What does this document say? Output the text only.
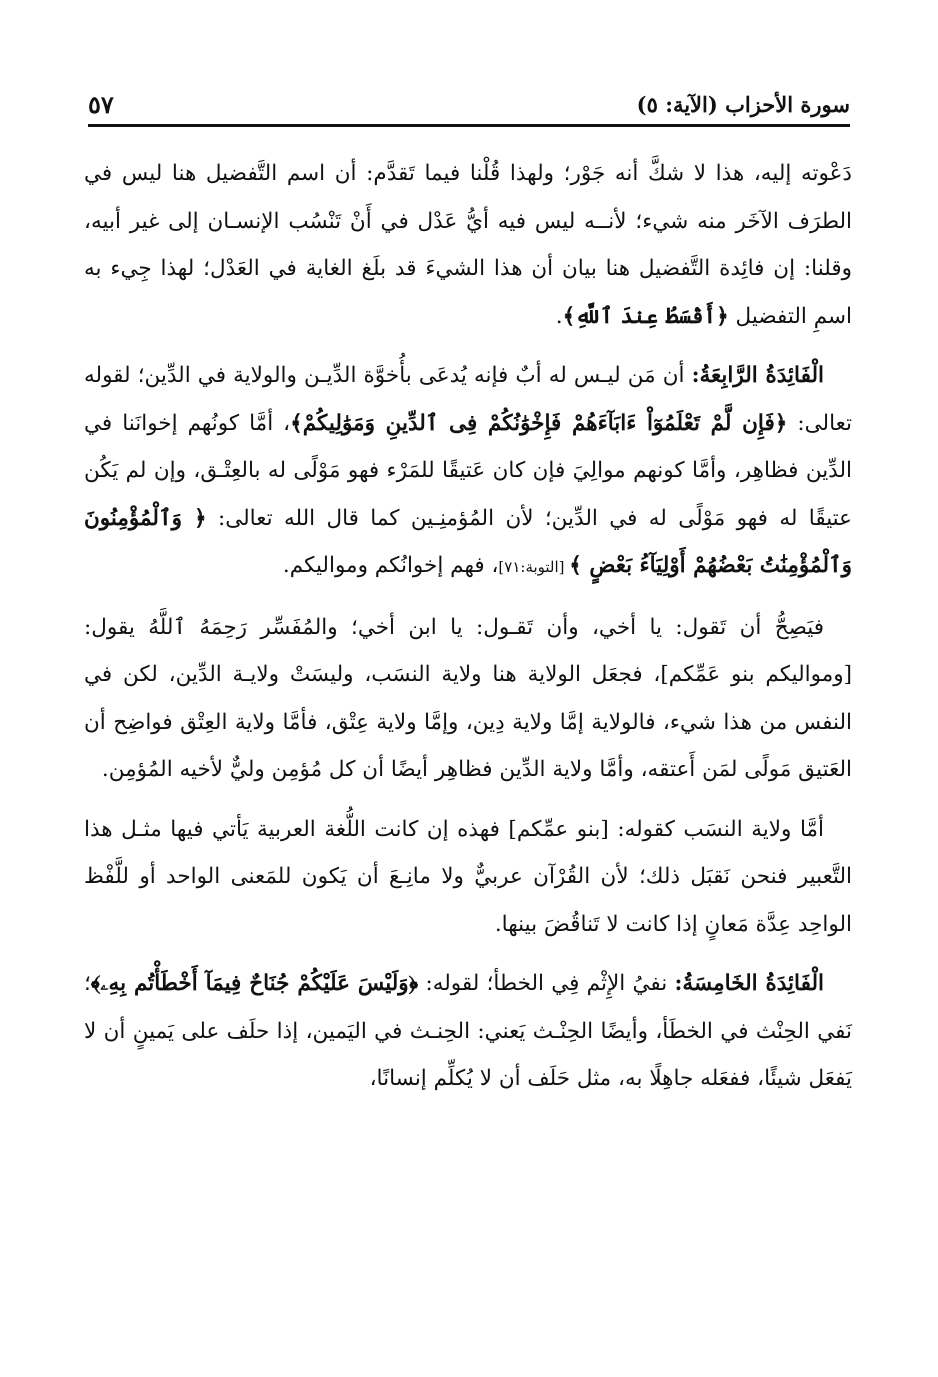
سورة الأحزاب (الآية: ٥)
٥٧

دَعْوته إليه، هذا لا شكَّ أنه جَوْر؛ ولهذا قُلْنا فيما تَقدَّم: أن اسم التَّفضيل هنا ليس في الطرَف الآخَر منه شيء؛ لأنــه ليس فيه أيُّ عَدْل في أَنْ تَنْسُب الإنسـان إلى غير أبيه، وقلنا: إن فائِدة التَّفضيل هنا بيان أن هذا الشيءَ قد بلَغ الغاية في العَدْل؛ لهذا جِيء به اسمِ التفضيل ﴿أَقْسَطُ عِندَ ٱللَّهِ﴾.

الْفَائِدَةُ الرَّابِعَةُ: أن مَن ليـس له أبٌ فإنه يُدعَى بأُخوَّة الدِّيـن والولاية في الدِّين؛ لقوله تعالى: ﴿فَإِن لَّمْ تَعْلَمُوٓاْ ءَابَآءَهُمْ فَإِخْوَٰنُكُمْ فِى ٱلدِّينِ وَمَوَٰلِيكُمْ﴾، أمَّا كونُهم إخوانَنا في الدِّين فظاهِر، وأمَّا كونهم موالِيَ فإن كان عَتيقًا للمَرْء فهو مَوْلًى له بالعِتْـق، وإن لم يَكُن عتيقًا له فهو مَوْلًى له في الدِّين؛ لأن المُؤمنِـين كما قال الله تعالى: ﴿ وَٱلْمُؤْمِنُونَ وَٱلْمُؤْمِنَٰتُ بَعْضُهُمْ أَوْلِيَآءُ بَعْضٍ ﴾ [التوبة:٧١]، فهم إخوانُكم ومواليكم.

فيَصِحُّ أن تَقول: يا أخي، وأن تَقـول: يا ابن أخي؛ والمُفَسِّر رَحِمَهُ ٱللَّهُ يقول: [ومواليكم بنو عَمِّكم]، فجعَل الولاية هنا ولاية النسَب، وليسَتْ ولايـة الدِّين، لكن في النفس من هذا شيء، فالولاية إمَّا ولاية دِين، وإمَّا ولاية عِتْق، فأمَّا ولاية العِتْق فواضِح أن العَتيق مَولًى لمَن أَعتقه، وأمَّا ولاية الدِّين فظاهِر أيضًا أن كل مُؤمِن وليٌّ لأخيه المُؤمِن.

أمَّا ولاية النسَب كقوله: [بنو عمِّكم] فهذه إن كانت اللُّغة العربية يَأتي فيها مثـل هذا التَّعبير فنحن نَقبَل ذلك؛ لأن القُرْآن عربيٌّ ولا مانِـعَ أن يَكون للمَعنى الواحد أو للَّفْظ الواحِد عِدَّة مَعانٍ إذا كانت لا تَناقُضَ بينها.

الْفَائِدَةُ الخَامِسَةُ: نفيُ الإِثْم فِي الخطأ؛ لقوله: ﴿وَلَيْسَ عَلَيْكُمْ جُنَاحٌ فِيمَآ أَخْطَأْتُم بِهِۦ﴾؛ نَفي الحِنْث في الخطَأ، وأيضًا الحِنْـث يَعني: الحِنـث في اليَمين، إذا حلَف على يَمينٍ أن لا يَفعَل شيئًا، ففعَله جاهِلًا به، مثل حَلَف أن لا يُكلِّم إنسانًا،
